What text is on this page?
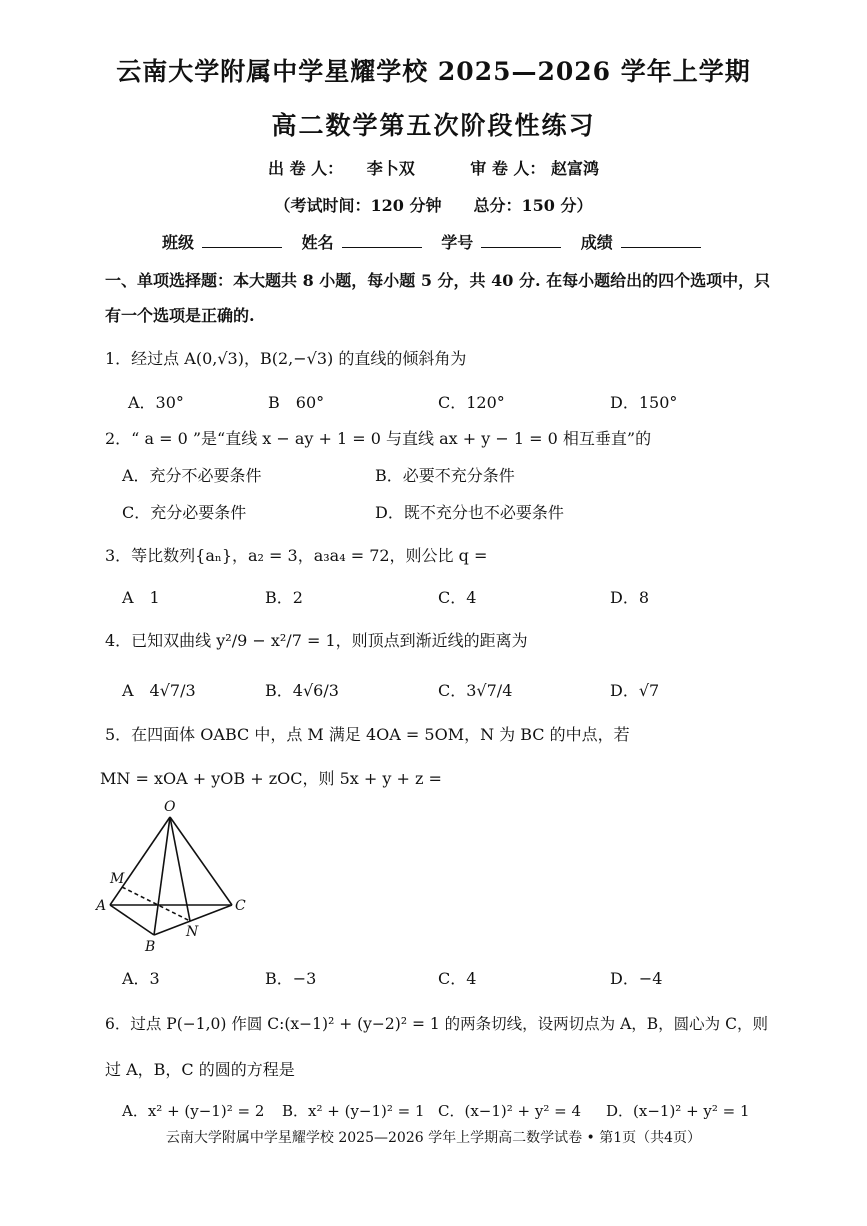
云南大学附属中学星耀学校 2025—2026 学年上学期
高二数学第五次阶段性练习
出 卷 人： 李卜双	审 卷 人： 赵富鸿
（考试时间：120 分钟　　总分：150 分）
班级	姓名	学号	成绩
一、单项选择题：本大题共 8 小题，每小题 5 分，共 40 分. 在每小题给出的四个选项中，只
有一个选项是正确的.
1．经过点 A(0,√3)，B(2,−√3) 的直线的倾斜角为
A．30°	B　60°	C．120°	D．150°
2．“ a = 0 ”是“直线 x − ay + 1 = 0 与直线 ax + y − 1 = 0 相互垂直”的
A．充分不必要条件	B．必要不充分条件
C．充分必要条件	D．既不充分也不必要条件
3．等比数列{aₙ}，a₂ = 3，a₃a₄ = 72，则公比 q =
A　1	B．2	C．4	D．8
4．已知双曲线 y²/9 − x²/7 = 1，则顶点到渐近线的距离为
A　4√7/3	B．4√6/3	C．3√7/4	D．√7
5．在四面体 OABC 中，点 M 满足 4OA = 5OM，N 为 BC 的中点，若
MN = xOA + yOB + zOC，则 5x + y + z =
O
M
A	C
B
N
A．3	B．−3	C．4	D．−4
6．过点 P(−1,0) 作圆 C:(x−1)² + (y−2)² = 1 的两条切线，设两切点为 A，B，圆心为 C，则
过 A，B，C 的圆的方程是
A．x² + (y−1)² = 2 B．x² + (y−1)² = 1 C．(x−1)² + y² = 4 D．(x−1)² + y² = 1
云南大学附属中学星耀学校 2025—2026 学年上学期高二数学试卷 • 第1页（共4页）
